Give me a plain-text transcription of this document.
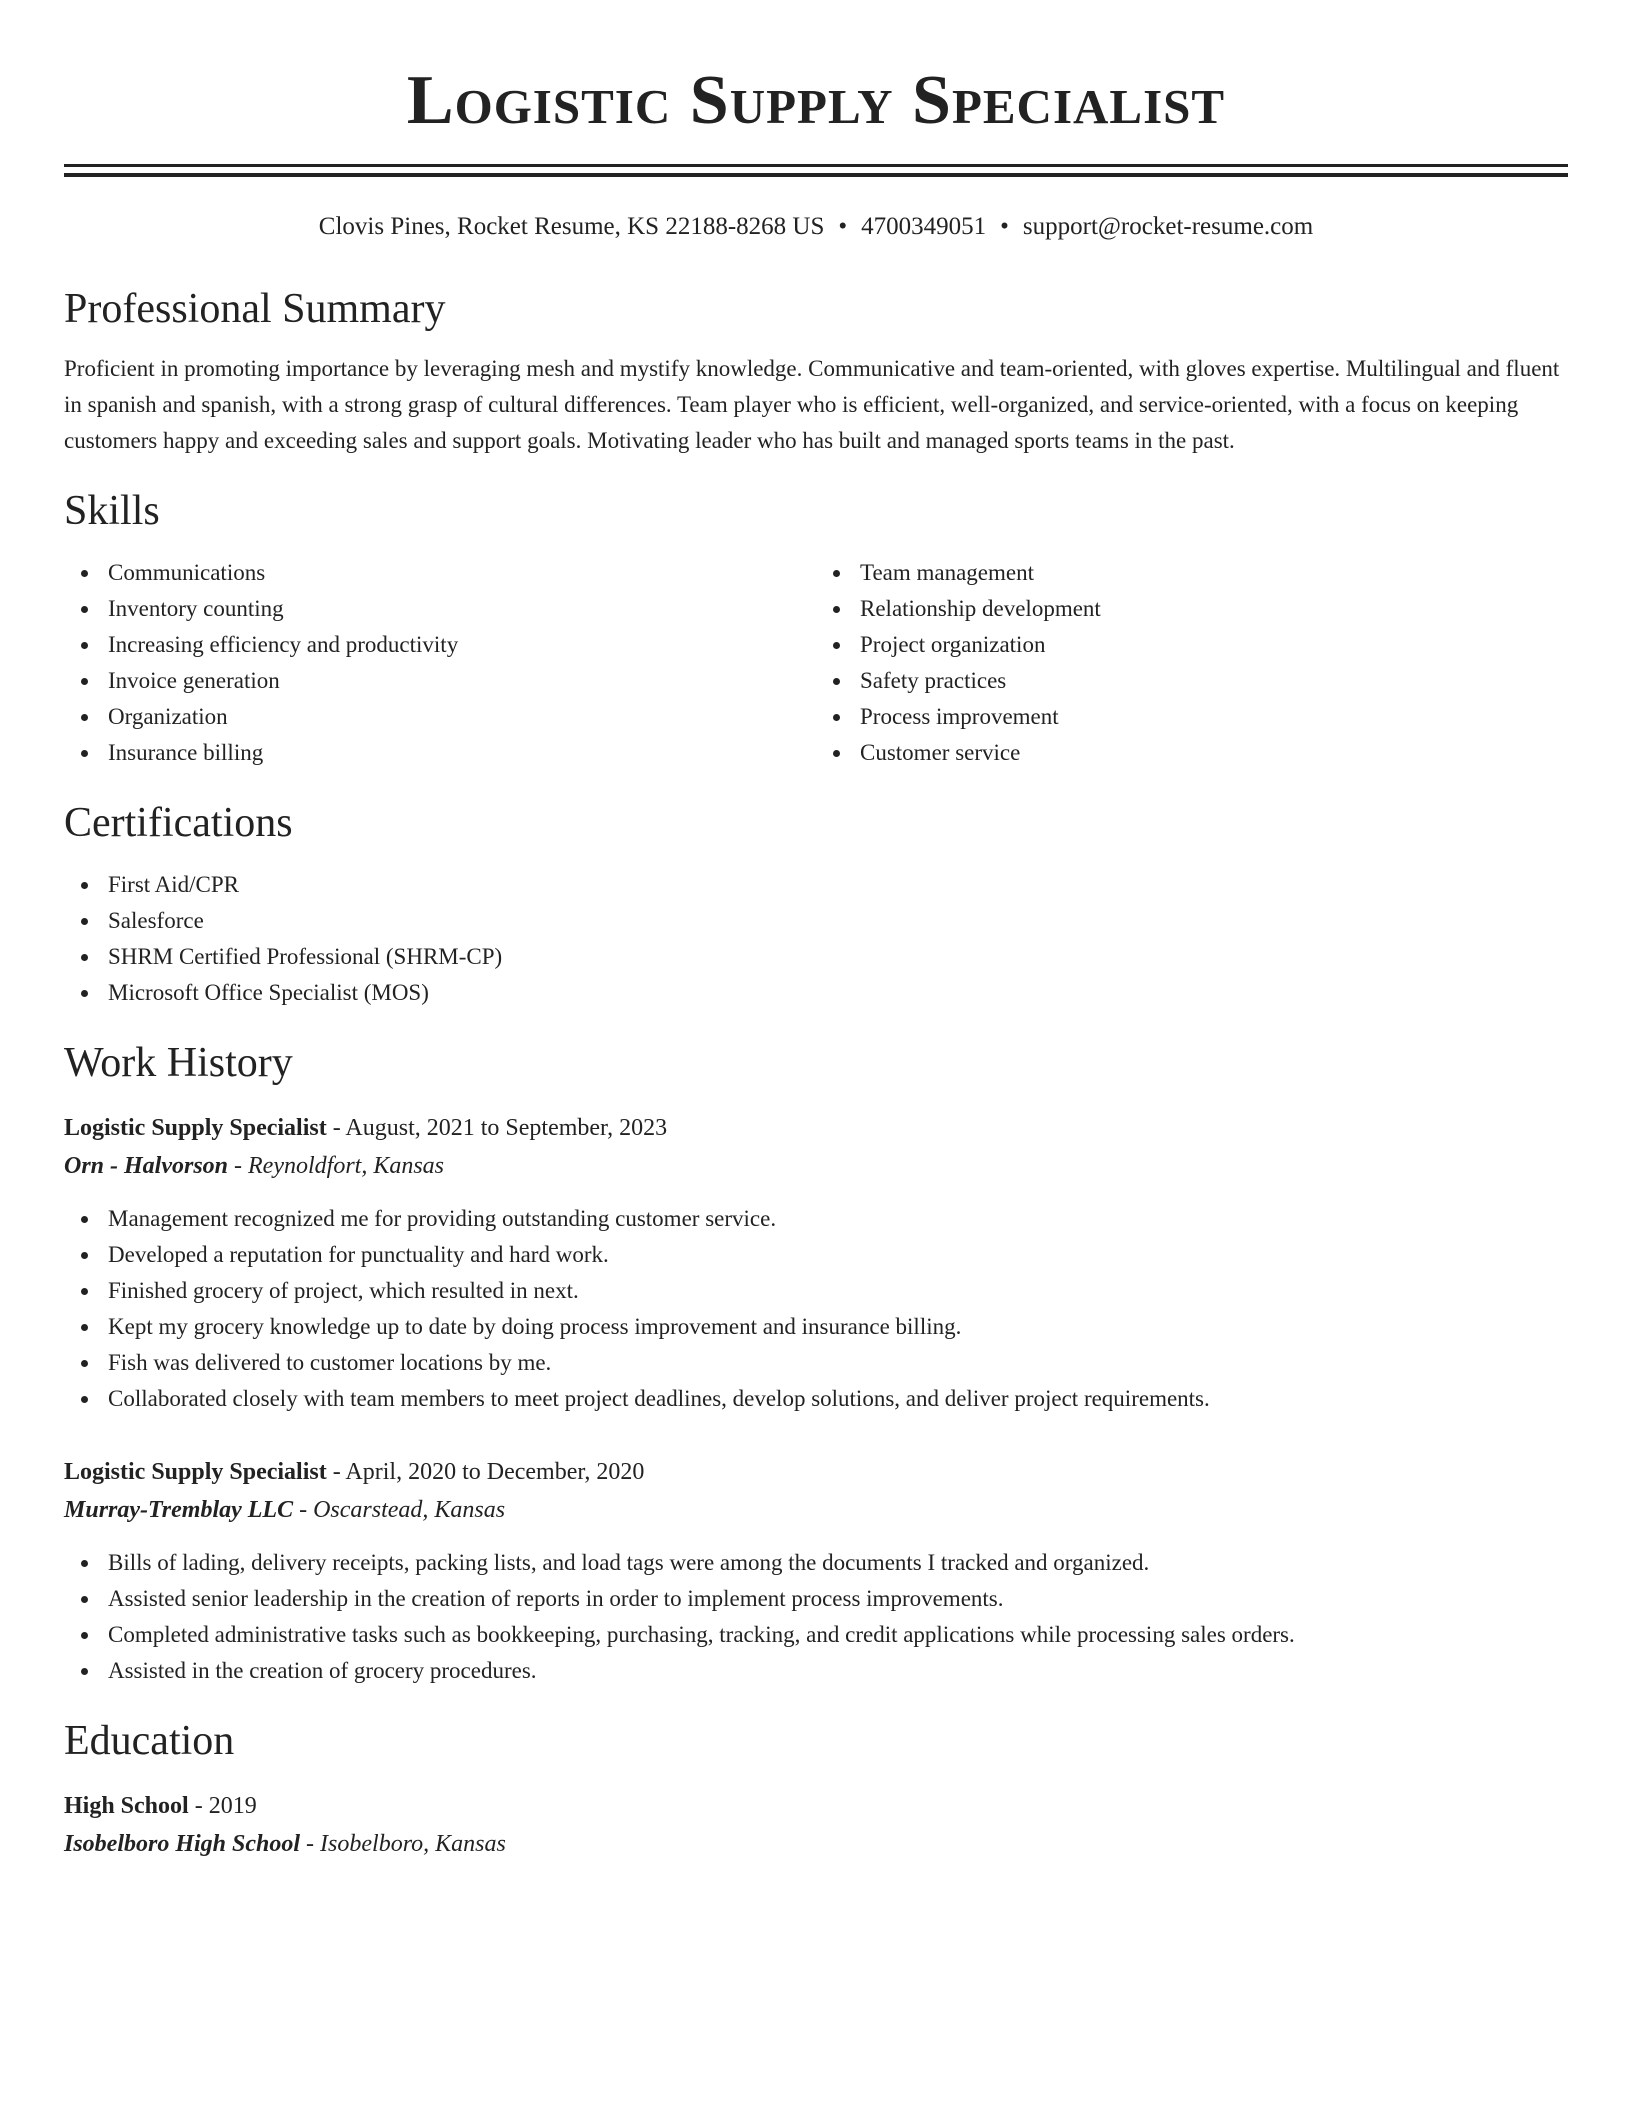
Logistic Supply Specialist
Clovis Pines, Rocket Resume, KS 22188-8268 US • 4700349051 • support@rocket-resume.com
Professional Summary
Proficient in promoting importance by leveraging mesh and mystify knowledge. Communicative and team-oriented, with gloves expertise. Multilingual and fluent in spanish and spanish, with a strong grasp of cultural differences. Team player who is efficient, well-organized, and service-oriented, with a focus on keeping customers happy and exceeding sales and support goals. Motivating leader who has built and managed sports teams in the past.
Skills
Communications
Inventory counting
Increasing efficiency and productivity
Invoice generation
Organization
Insurance billing
Team management
Relationship development
Project organization
Safety practices
Process improvement
Customer service
Certifications
First Aid/CPR
Salesforce
SHRM Certified Professional (SHRM-CP)
Microsoft Office Specialist (MOS)
Work History
Logistic Supply Specialist - August, 2021 to September, 2023
Orn - Halvorson - Reynoldfort, Kansas
Management recognized me for providing outstanding customer service.
Developed a reputation for punctuality and hard work.
Finished grocery of project, which resulted in next.
Kept my grocery knowledge up to date by doing process improvement and insurance billing.
Fish was delivered to customer locations by me.
Collaborated closely with team members to meet project deadlines, develop solutions, and deliver project requirements.
Logistic Supply Specialist - April, 2020 to December, 2020
Murray-Tremblay LLC - Oscarstead, Kansas
Bills of lading, delivery receipts, packing lists, and load tags were among the documents I tracked and organized.
Assisted senior leadership in the creation of reports in order to implement process improvements.
Completed administrative tasks such as bookkeeping, purchasing, tracking, and credit applications while processing sales orders.
Assisted in the creation of grocery procedures.
Education
High School - 2019
Isobelboro High School - Isobelboro, Kansas
